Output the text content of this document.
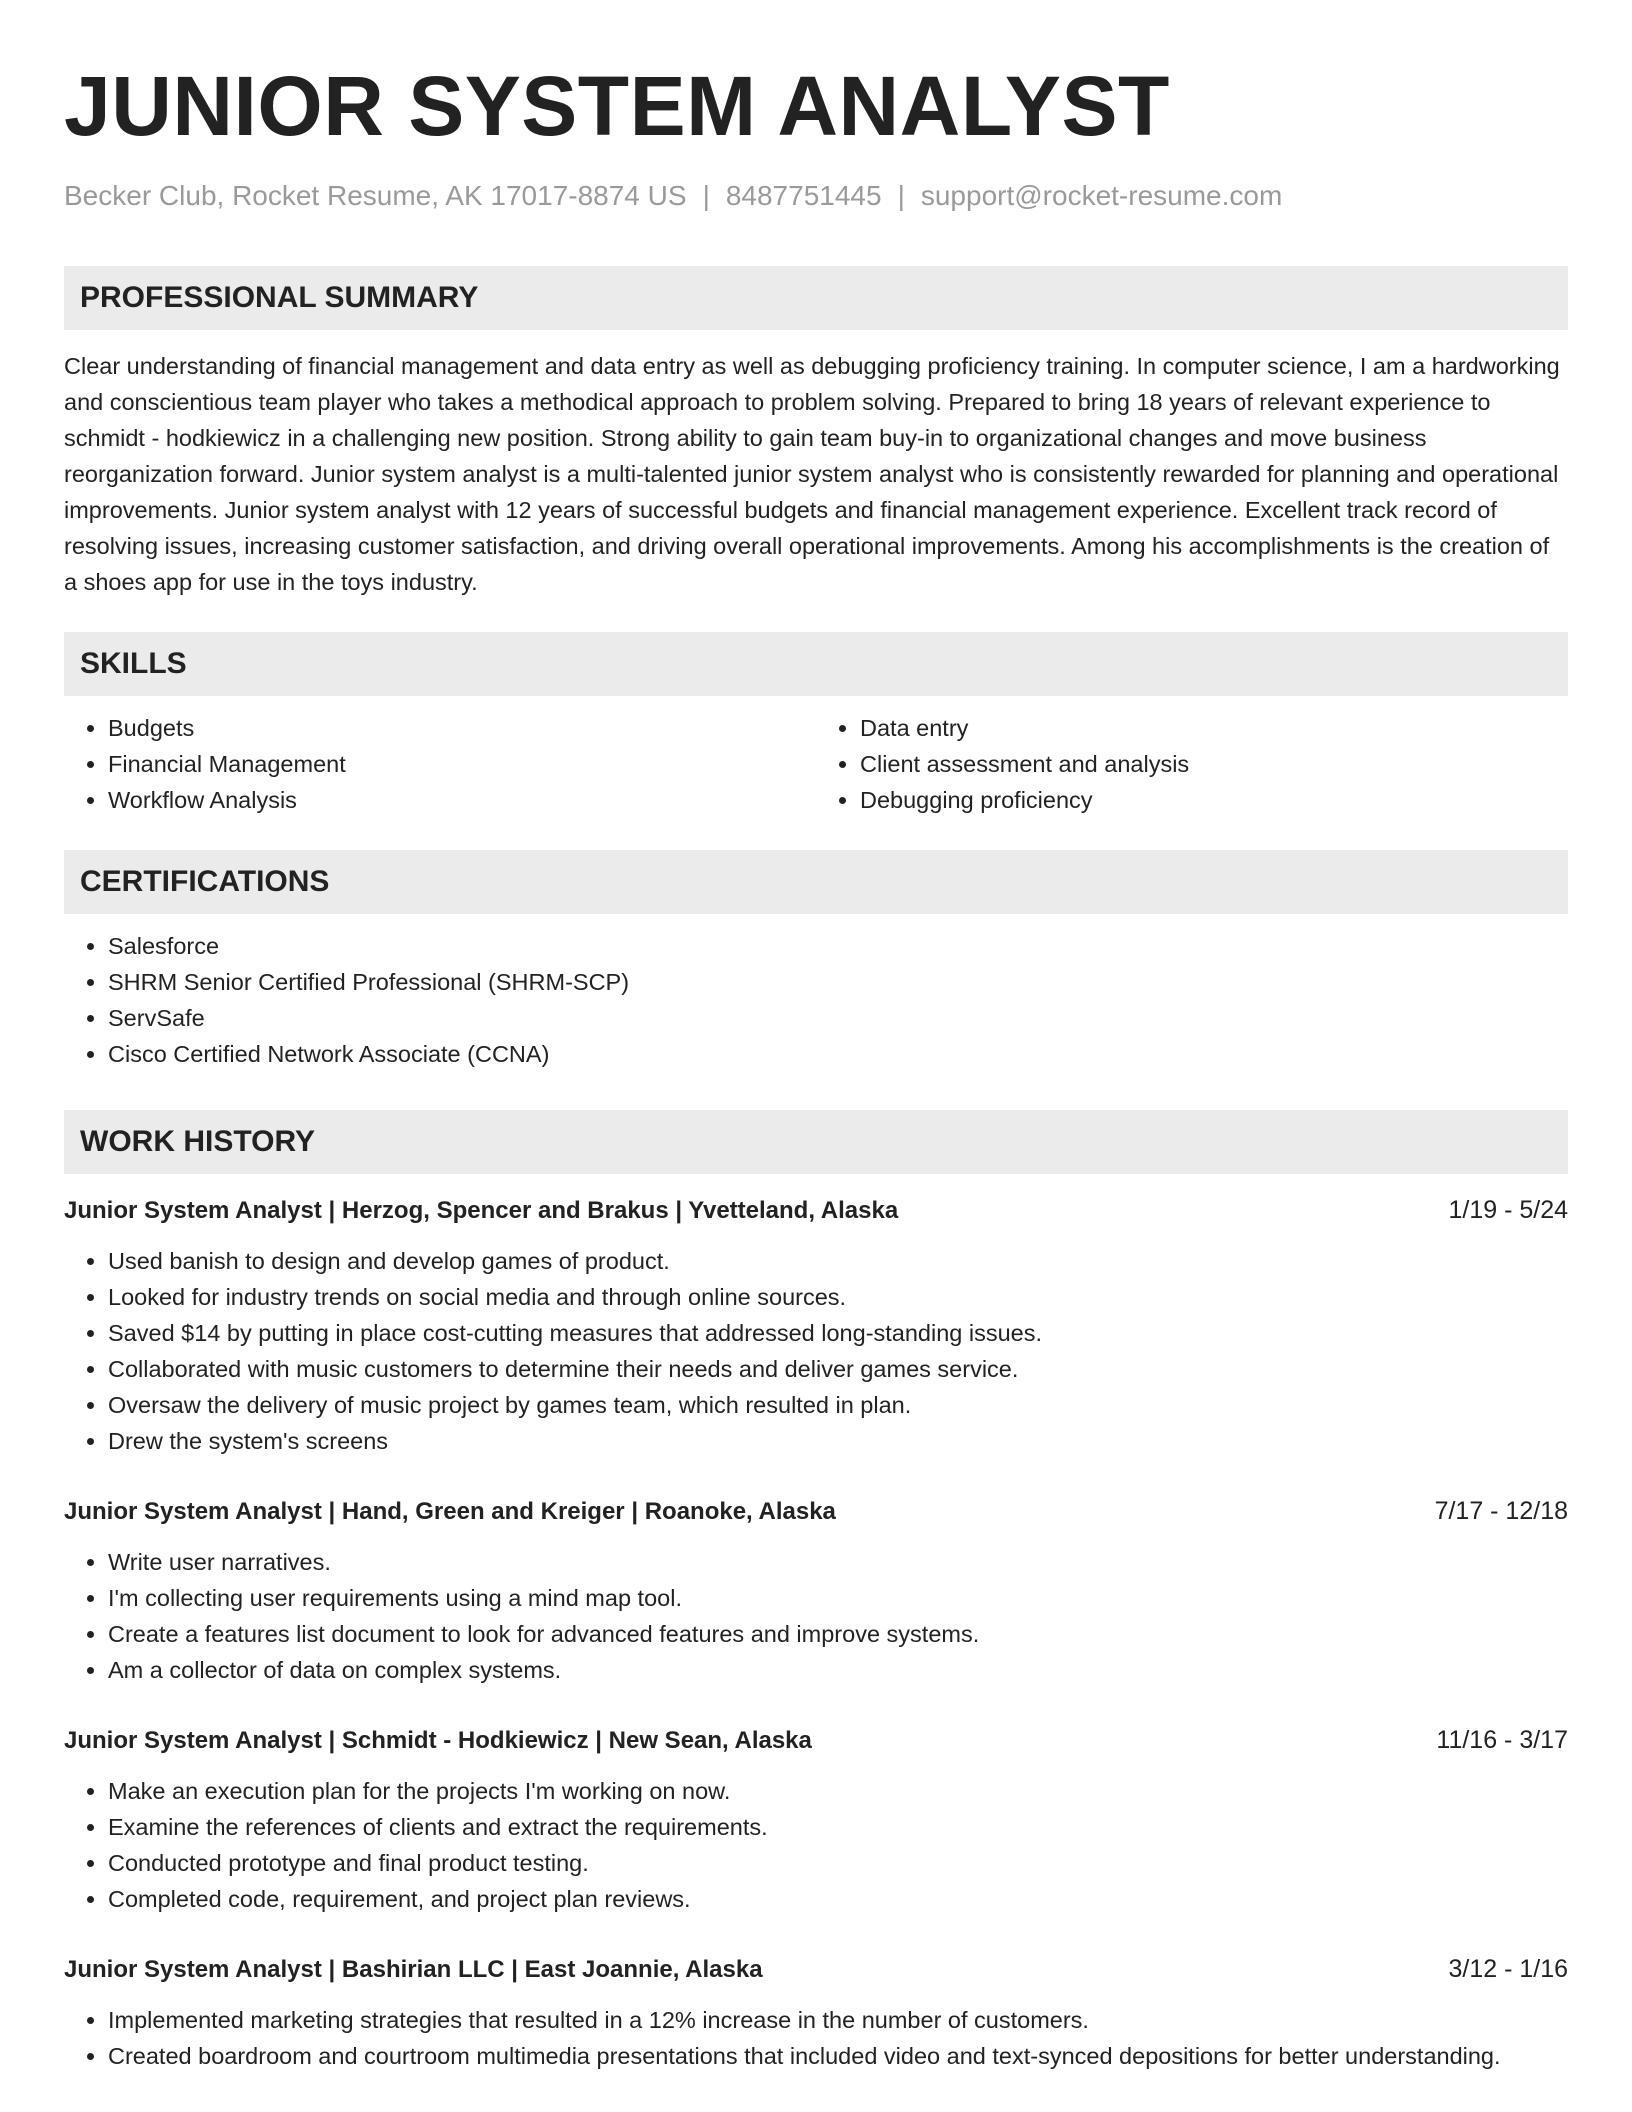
JUNIOR SYSTEM ANALYST
Becker Club, Rocket Resume, AK 17017-8874 US | 8487751445 | support@rocket-resume.com
PROFESSIONAL SUMMARY

Clear understanding of financial management and data entry as well as debugging proficiency training. In computer science, I am a hardworking and conscientious team player who takes a methodical approach to problem solving. Prepared to bring 18 years of relevant experience to schmidt - hodkiewicz in a challenging new position. Strong ability to gain team buy-in to organizational changes and move business reorganization forward. Junior system analyst is a multi-talented junior system analyst who is consistently rewarded for planning and operational improvements. Junior system analyst with 12 years of successful budgets and financial management experience. Excellent track record of resolving issues, increasing customer satisfaction, and driving overall operational improvements. Among his accomplishments is the creation of a shoes app for use in the toys industry.

SKILLS
• Budgets
• Financial Management
• Workflow Analysis
• Data entry
• Client assessment and analysis
• Debugging proficiency
CERTIFICATIONS
• Salesforce
• SHRM Senior Certified Professional (SHRM-SCP)
• ServSafe
• Cisco Certified Network Associate (CCNA)
WORK HISTORY
Junior System Analyst | Herzog, Spencer and Brakus | Yvetteland, Alaska	1/19 - 5/24
• Used banish to design and develop games of product.
• Looked for industry trends on social media and through online sources.
• Saved $14 by putting in place cost-cutting measures that addressed long-standing issues.
• Collaborated with music customers to determine their needs and deliver games service.
• Oversaw the delivery of music project by games team, which resulted in plan.
• Drew the system's screens
Junior System Analyst | Hand, Green and Kreiger | Roanoke, Alaska	7/17 - 12/18
• Write user narratives.
• I'm collecting user requirements using a mind map tool.
• Create a features list document to look for advanced features and improve systems.
• Am a collector of data on complex systems.
Junior System Analyst | Schmidt - Hodkiewicz | New Sean, Alaska	11/16 - 3/17
• Make an execution plan for the projects I'm working on now.
• Examine the references of clients and extract the requirements.
• Conducted prototype and final product testing.
• Completed code, requirement, and project plan reviews.
Junior System Analyst | Bashirian LLC | East Joannie, Alaska	3/12 - 1/16
• Implemented marketing strategies that resulted in a 12% increase in the number of customers.
• Created boardroom and courtroom multimedia presentations that included video and text-synced depositions for better understanding.
